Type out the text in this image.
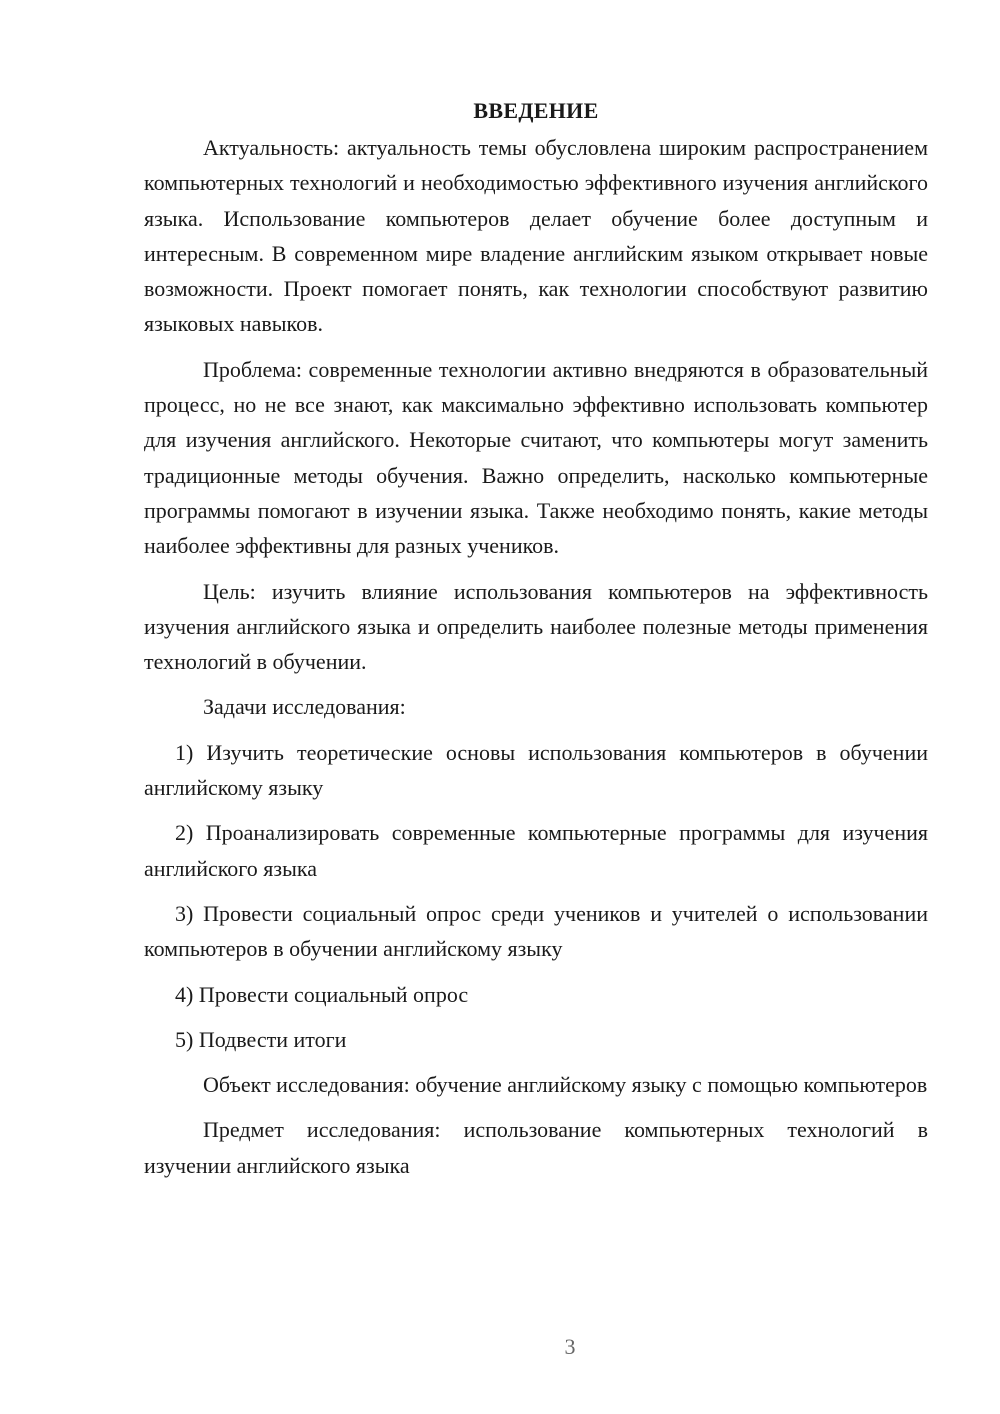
ВВЕДЕНИЕ

Актуальность: актуальность темы обусловлена широким распространением компьютерных технологий и необходимостью эффективного изучения английского языка. Использование компьютеров делает обучение более доступным и интересным. В современном мире владение английским языком открывает новые возможности. Проект помогает понять, как технологии способствуют развитию языковых навыков.

Проблема: современные технологии активно внедряются в образовательный процесс, но не все знают, как максимально эффективно использовать компьютер для изучения английского. Некоторые считают, что компьютеры могут заменить традиционные методы обучения. Важно определить, насколько компьютерные программы помогают в изучении языка. Также необходимо понять, какие методы наиболее эффективны для разных учеников.

Цель: изучить влияние использования компьютеров на эффективность изучения английского языка и определить наиболее полезные методы применения технологий в обучении.

Задачи исследования:

1) Изучить теоретические основы использования компьютеров в обучении английскому языку

2) Проанализировать современные компьютерные программы для изучения английского языка

3) Провести социальный опрос среди учеников и учителей о использовании компьютеров в обучении английскому языку

4) Провести социальный опрос

5) Подвести итоги

Объект исследования: обучение английскому языку с помощью компьютеров

Предмет исследования: использование компьютерных технологий в изучении английского языка

3
